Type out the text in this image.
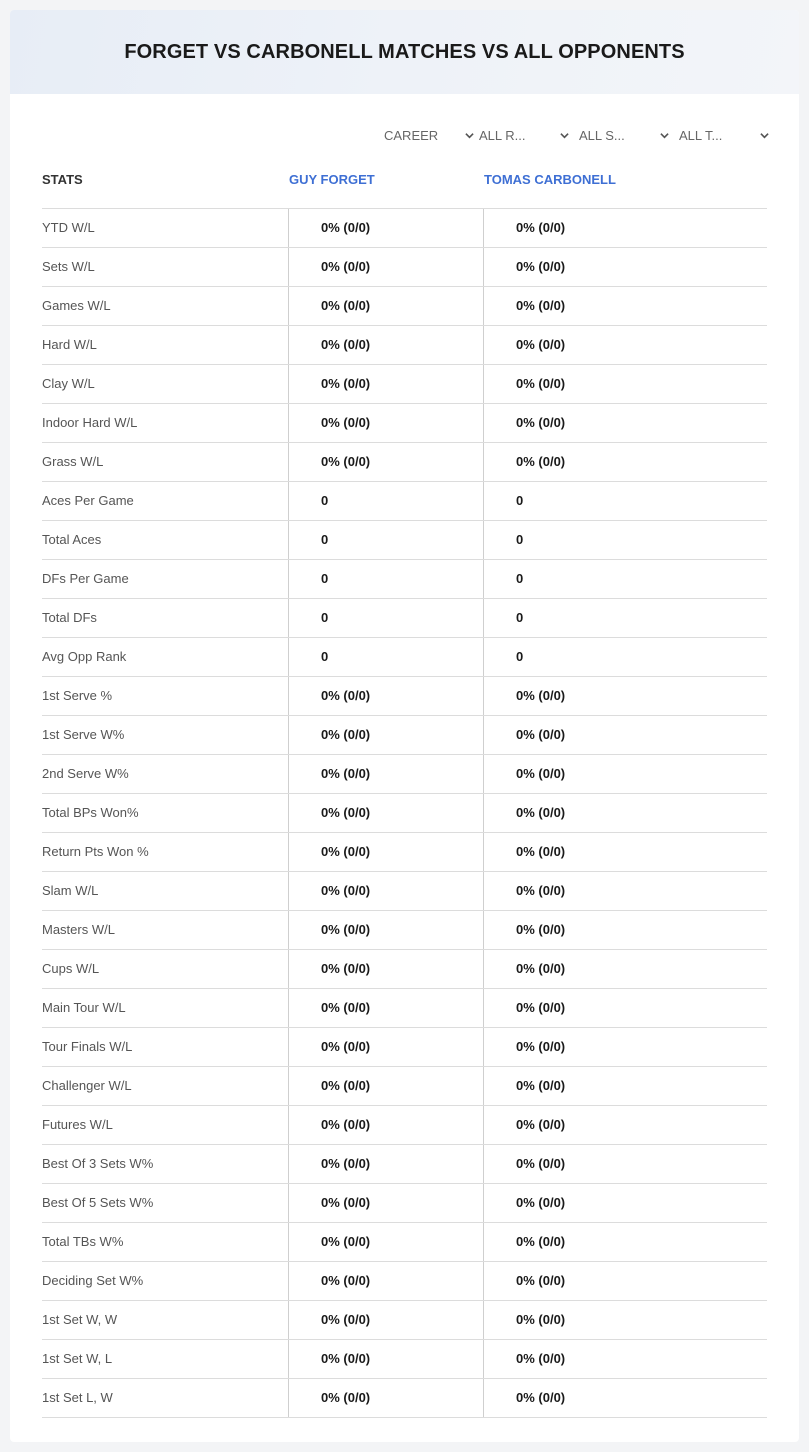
FORGET VS CARBONELL MATCHES VS ALL OPPONENTS
CAREER	ALL R...	ALL S...	ALL T...
STATS	GUY FORGET	TOMAS CARBONELL
YTD W/L	0% (0/0)	0% (0/0)
Sets W/L	0% (0/0)	0% (0/0)
Games W/L	0% (0/0)	0% (0/0)
Hard W/L	0% (0/0)	0% (0/0)
Clay W/L	0% (0/0)	0% (0/0)
Indoor Hard W/L	0% (0/0)	0% (0/0)
Grass W/L	0% (0/0)	0% (0/0)
Aces Per Game	0	0
Total Aces	0	0
DFs Per Game	0	0
Total DFs	0	0
Avg Opp Rank	0	0
1st Serve %	0% (0/0)	0% (0/0)
1st Serve W%	0% (0/0)	0% (0/0)
2nd Serve W%	0% (0/0)	0% (0/0)
Total BPs Won%	0% (0/0)	0% (0/0)
Return Pts Won %	0% (0/0)	0% (0/0)
Slam W/L	0% (0/0)	0% (0/0)
Masters W/L	0% (0/0)	0% (0/0)
Cups W/L	0% (0/0)	0% (0/0)
Main Tour W/L	0% (0/0)	0% (0/0)
Tour Finals W/L	0% (0/0)	0% (0/0)
Challenger W/L	0% (0/0)	0% (0/0)
Futures W/L	0% (0/0)	0% (0/0)
Best Of 3 Sets W%	0% (0/0)	0% (0/0)
Best Of 5 Sets W%	0% (0/0)	0% (0/0)
Total TBs W%	0% (0/0)	0% (0/0)
Deciding Set W%	0% (0/0)	0% (0/0)
1st Set W, W	0% (0/0)	0% (0/0)
1st Set W, L	0% (0/0)	0% (0/0)
1st Set L, W	0% (0/0)	0% (0/0)
